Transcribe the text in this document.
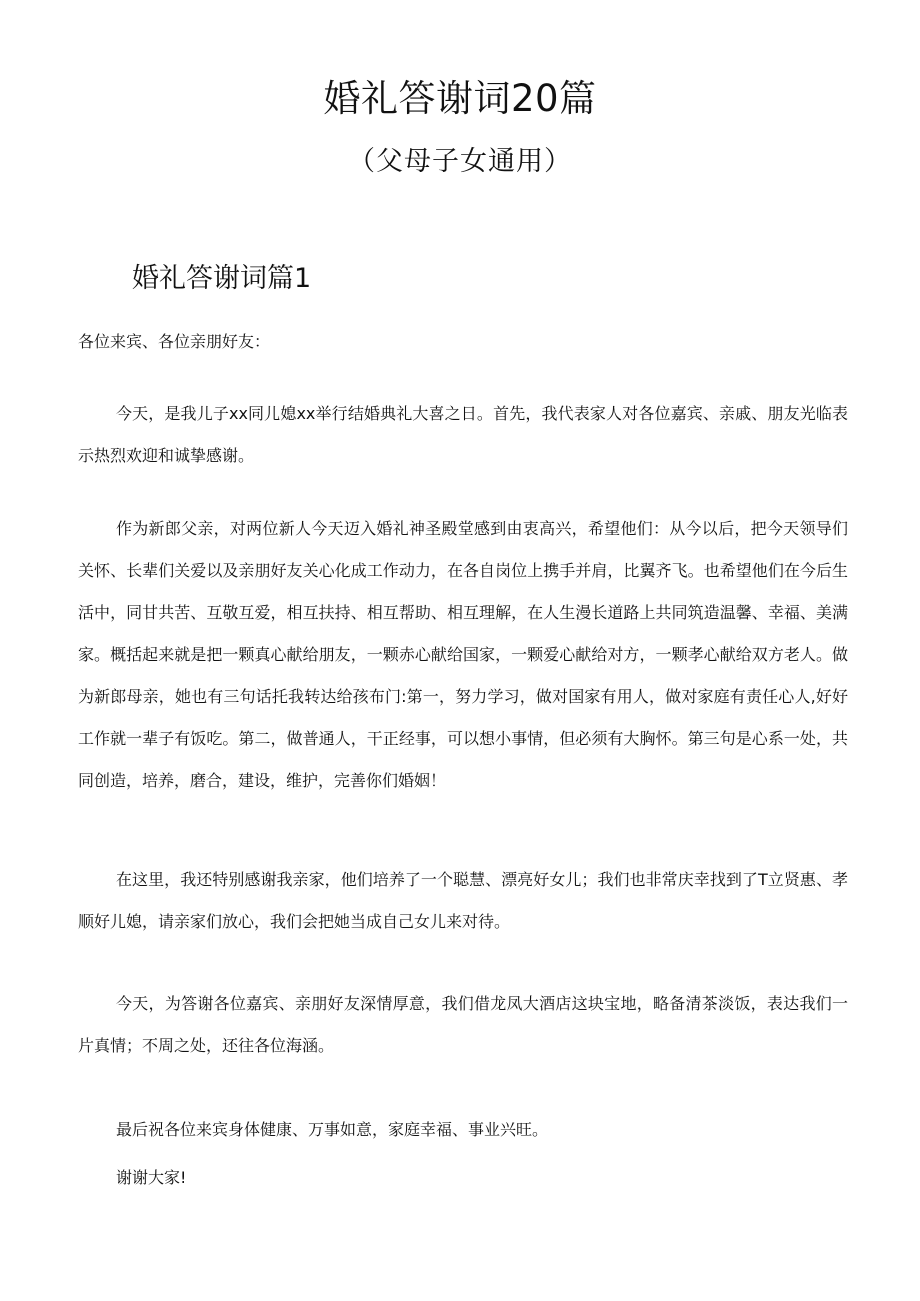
婚礼答谢词20篇
（父母子女通用）
婚礼答谢词篇1

各位来宾、各位亲朋好友：

今天，是我儿子xx同儿媳xx举行结婚典礼大喜之日。首先，我代表家人对各位嘉宾、亲戚、朋友光临表示热烈欢迎和诚挚感谢。

作为新郎父亲，对两位新人今天迈入婚礼神圣殿堂感到由衷高兴，希望他们：从今以后，把今天领导们关怀、长辈们关爱以及亲朋好友关心化成工作动力，在各自岗位上携手并肩，比翼齐飞。也希望他们在今后生活中，同甘共苦、互敬互爱，相互扶持、相互帮助、相互理解，在人生漫长道路上共同筑造温馨、幸福、美满家。概括起来就是把一颗真心献给朋友，一颗赤心献给国家，一颗爱心献给对方，一颗孝心献给双方老人。做为新郎母亲，她也有三句话托我转达给孩布门:第一，努力学习，做对国家有用人，做对家庭有责任心人,好好工作就一辈子有饭吃。第二，做普通人，干正经事，可以想小事情，但必须有大胸怀。第三句是心系一处，共同创造，培养，磨合，建设，维护，完善你们婚姻！

在这里，我还特别感谢我亲家，他们培养了一个聪慧、漂亮好女儿；我们也非常庆幸找到了T立贤惠、孝顺好儿媳，请亲家们放心，我们会把她当成自己女儿来对待。

今天，为答谢各位嘉宾、亲朋好友深情厚意，我们借龙凤大酒店这块宝地，略备清茶淡饭，表达我们一片真情；不周之处，还往各位海涵。

最后祝各位来宾身体健康、万事如意，家庭幸福、事业兴旺。

谢谢大家!
